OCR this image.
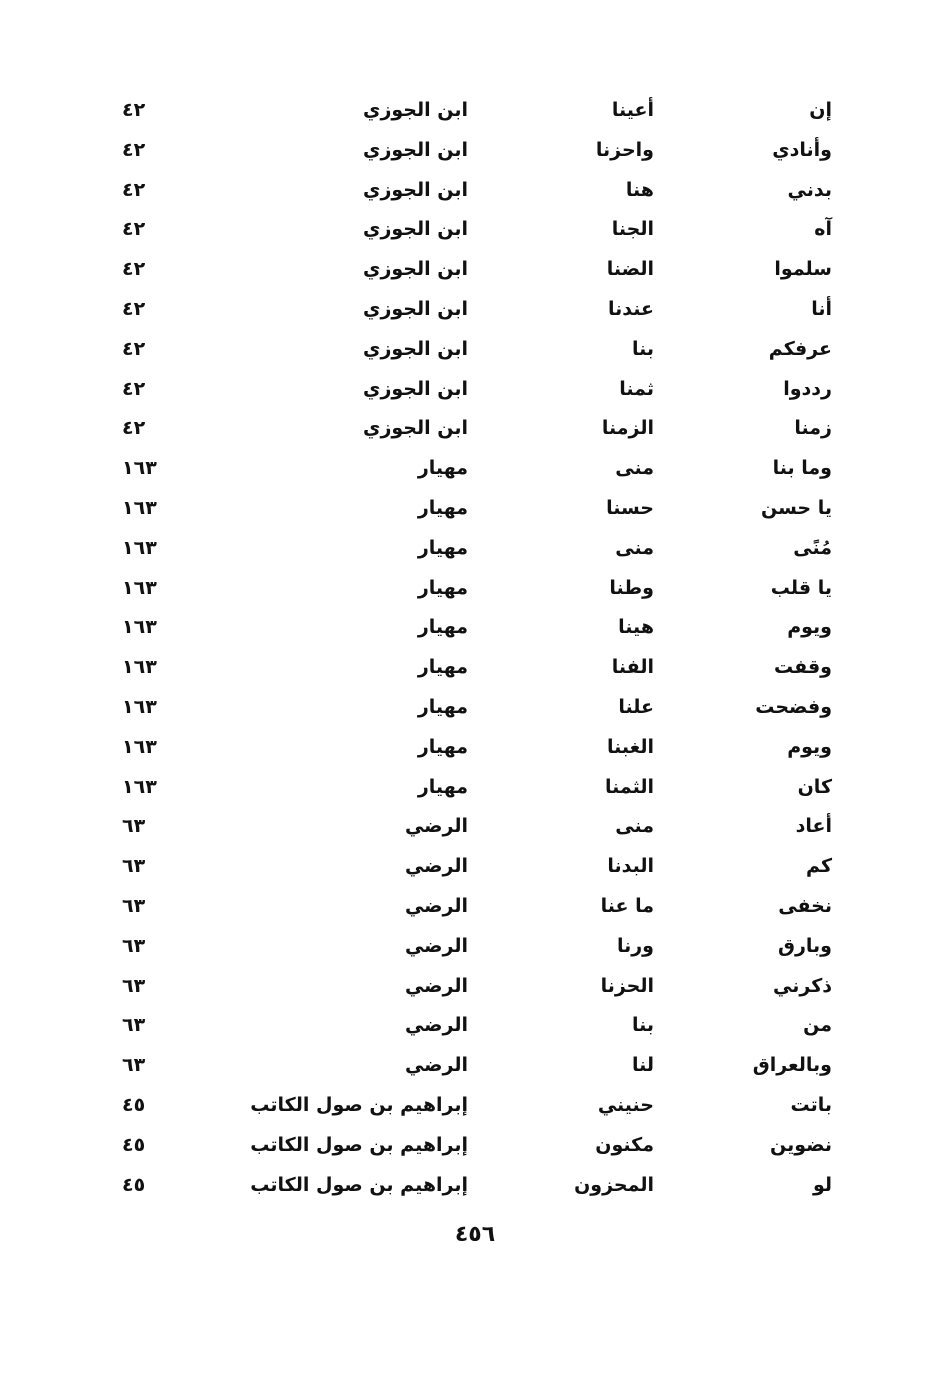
إن
أعينا
ابن الجوزي
٤٢
وأنادي
واحزنا
ابن الجوزي
٤٢
بدني
هنا
ابن الجوزي
٤٢
آه
الجنا
ابن الجوزي
٤٢
سلموا
الضنا
ابن الجوزي
٤٢
أنا
عندنا
ابن الجوزي
٤٢
عرفكم
بنا
ابن الجوزي
٤٢
رددوا
ثمنا
ابن الجوزي
٤٢
زمنا
الزمنا
ابن الجوزي
٤٢
وما بنا
منى
مهيار
١٦٣
يا حسن
حسنا
مهيار
١٦٣
مُنًى
منى
مهيار
١٦٣
يا قلب
وطنا
مهيار
١٦٣
ويوم
هينا
مهيار
١٦٣
وقفت
الفنا
مهيار
١٦٣
وفضحت
علنا
مهيار
١٦٣
ويوم
الغبنا
مهيار
١٦٣
كان
الثمنا
مهيار
١٦٣
أعاد
منى
الرضي
٦٣
كم
البدنا
الرضي
٦٣
نخفى
ما عنا
الرضي
٦٣
وبارق
ورنا
الرضي
٦٣
ذكرني
الحزنا
الرضي
٦٣
من
بنا
الرضي
٦٣
وبالعراق
لنا
الرضي
٦٣
باتت
حنيني
إبراهيم بن صول الكاتب
٤٥
نضوين
مكنون
إبراهيم بن صول الكاتب
٤٥
لو
المحزون
إبراهيم بن صول الكاتب
٤٥
٤٥٦
